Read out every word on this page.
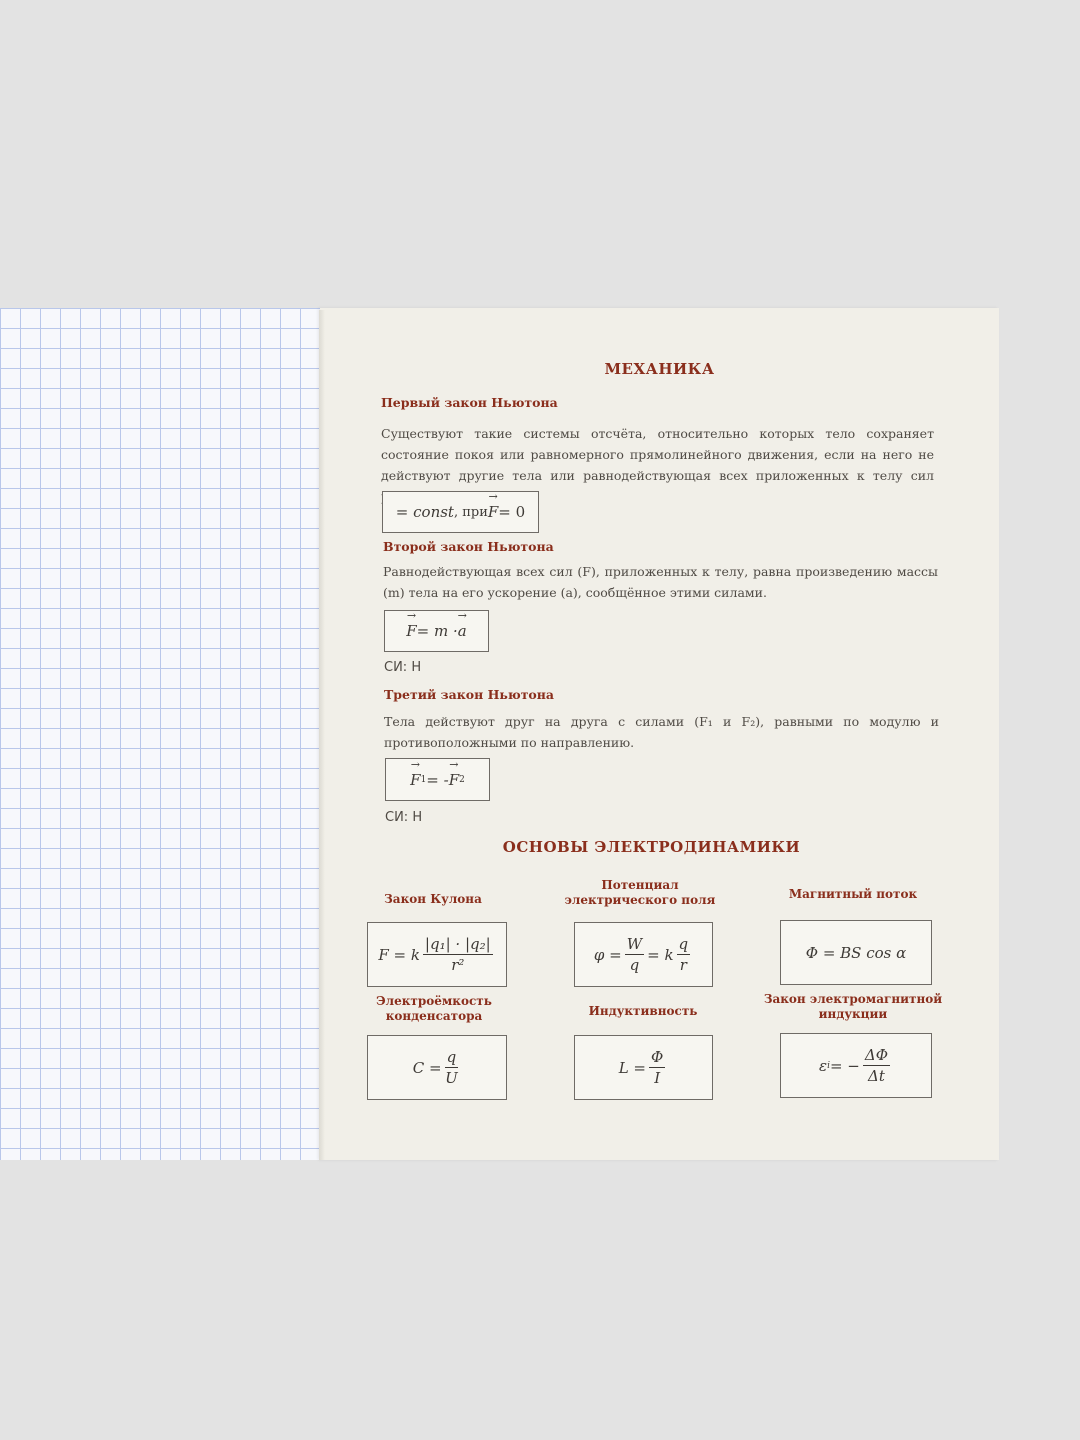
МЕХАНИКА
Первый закон Ньютона
Существуют такие системы отсчёта, относительно которых тело сохраняет состояние покоя или равномерного прямолинейного движения, если на него не действуют другие тела или равнодействующая всех приложенных к телу сил
= const , при → F = 0
Второй закон Ньютона
Равнодействующая всех сил (F), приложенных к телу, равна произведению массы (m) тела на его ускорение (a), сообщённое этими силами.
→ F = m · → a
СИ: Н
Третий закон Ньютона
Тела действуют друг на друга с силами (F₁ и F₂), равными по модулю и противоположными по направлению.
→ F 1 = - → F 2
СИ: Н
ОСНОВЫ ЭЛЕКТРОДИНАМИКИ
Закон Кулона
Потенциал электрического поля	Магнитный поток
F = k $\frac{\text{|q₁| · |q₂|}}{\text{r²}}$	$\varphi = \frac{W}{q} = k \frac{q}{r}$	Φ = BS cos α
Электроёмкость конденсатора	Индуктивность
Закон электромагнитной индукции
$C = \frac{q}{U}$	$L = \frac{\Phi}{I}$	ε i = − $\frac{\Delta\Phi}{\Delta t}$
